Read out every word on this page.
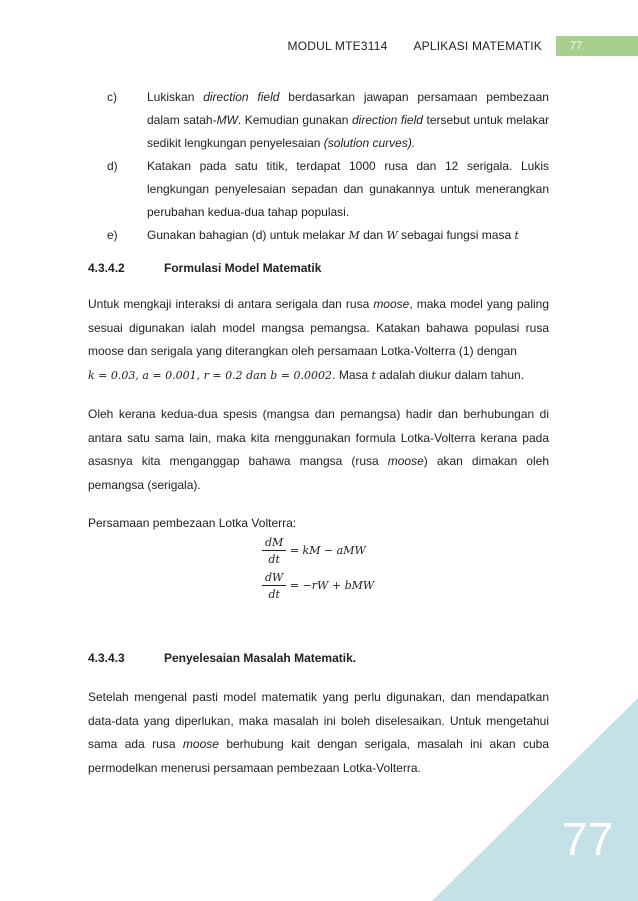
MODUL MTE3114 APLIKASI MATEMATIK	77

c)	Lukiskan direction field berdasarkan jawapan persamaan pembezaan dalam satah-MW. Kemudian gunakan direction field tersebut untuk melakar sedikit lengkungan penyelesaian (solution curves).

d) Katakan pada satu titik, terdapat 1000 rusa dan 12 serigala. Lukis lengkungan penyelesaian sepadan dan gunakannya untuk menerangkan perubahan kedua-dua tahap populasi.

e) Gunakan bahagian (d) untuk melakar M dan W sebagai fungsi masa t

4.3.4.2	Formulasi Model Matematik

Untuk mengkaji interaksi di antara serigala dan rusa moose, maka model yang paling sesuai digunakan ialah model mangsa pemangsa. Katakan bahawa populasi rusa moose dan serigala yang diterangkan oleh persamaan Lotka-Volterra (1) dengan
k = 0.03, a = 0.001, r = 0.2 dan b = 0.0002. Masa t adalah diukur dalam tahun.

Oleh kerana kedua-dua spesis (mangsa dan pemangsa) hadir dan berhubungan di antara satu sama lain, maka kita menggunakan formula Lotka-Volterra kerana pada asasnya kita menganggap bahawa mangsa (rusa moose) akan dimakan oleh pemangsa (serigala).

Persamaan pembezaan Lotka Volterra:

$\frac{dM}{dt}$ = kM − aMW
$\frac{dW}{dt} = -rW$ + bMW
4.3.4.3	Penyelesaian Masalah Matematik.

Setelah mengenal pasti model matematik yang perlu digunakan, dan mendapatkan data-data yang diperlukan, maka masalah ini boleh diselesaikan. Untuk mengetahui sama ada rusa moose berhubung kait dengan serigala, masalah ini akan cuba permodelkan menerusi persamaan pembezaan Lotka-Volterra.

77
